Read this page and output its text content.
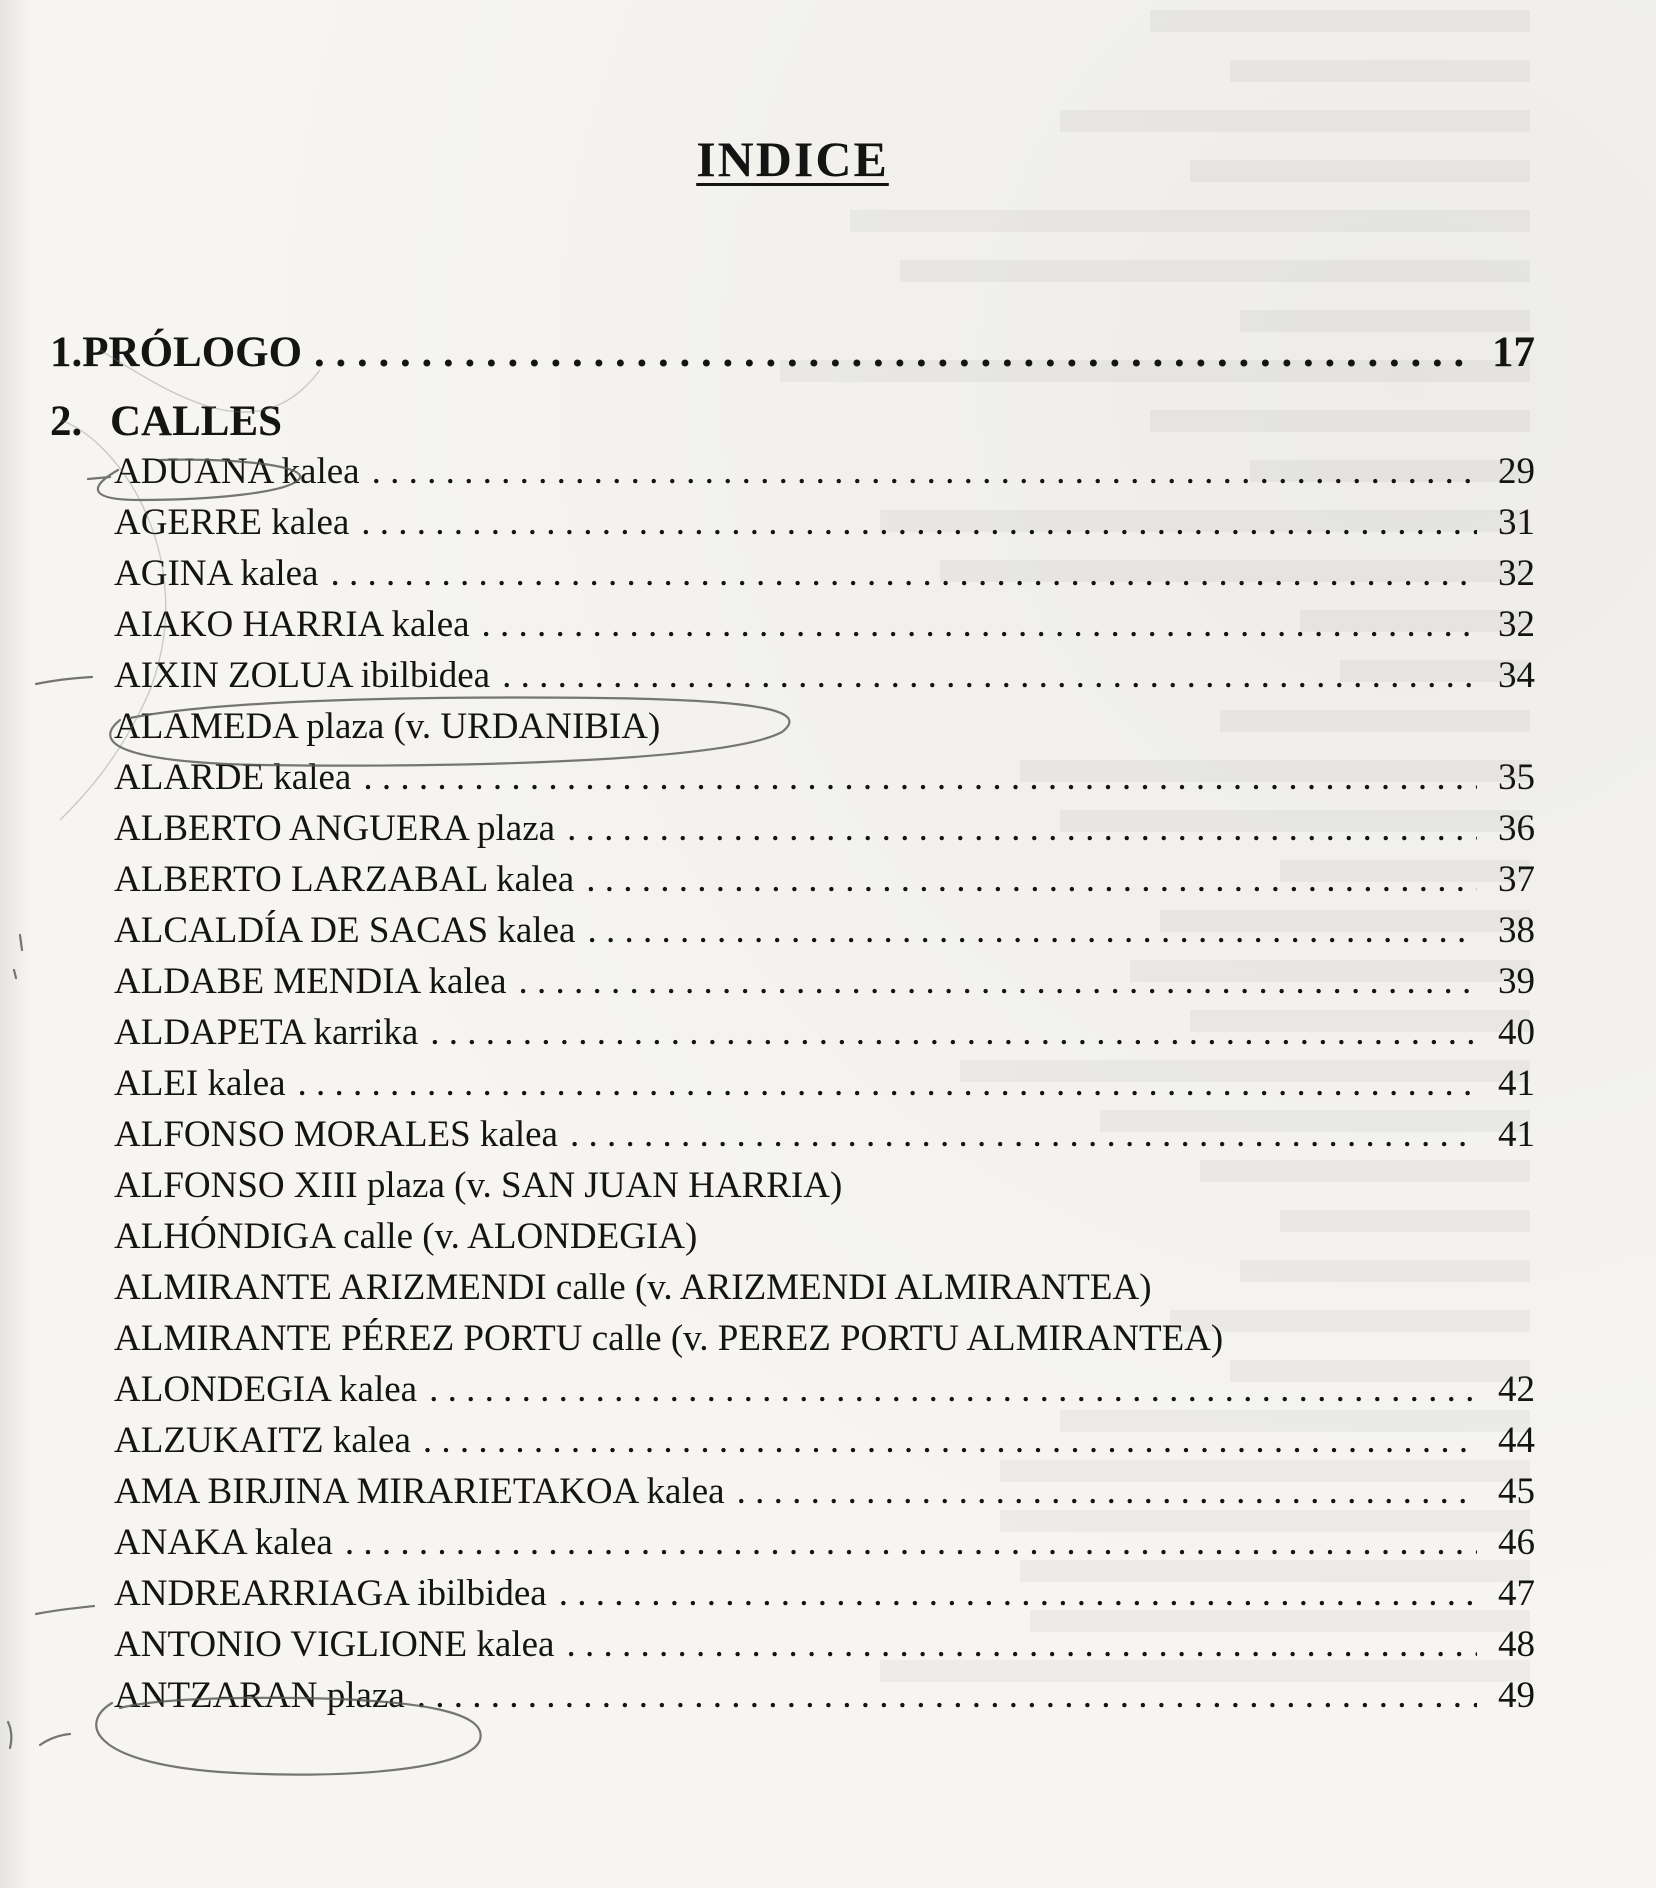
INDICE
1. PRÓLOGO . . .	17
2. CALLES
ADUANA kalea . . .	29
AGERRE kalea . . .	31
AGINA kalea . . .	32
AIAKO HARRIA kalea . . .	32
AIXIN ZOLUA ibilbidea . . .	34
ALAMEDA plaza (v. URDANIBIA)
ALARDE kalea . . .	35
ALBERTO ANGUERA plaza . . .	36
ALBERTO LARZABAL kalea . . .	37
ALCALDÍA DE SACAS kalea . . .	38
ALDABE MENDIA kalea . . .	39
ALDAPETA karrika . . .	40
ALEI kalea . . .	41
ALFONSO MORALES kalea . . .	41
ALFONSO XIII plaza (v. SAN JUAN HARRIA)
ALHÓNDIGA calle (v. ALONDEGIA)
ALMIRANTE ARIZMENDI calle (v. ARIZMENDI ALMIRANTEA)
ALMIRANTE PÉREZ PORTU calle (v. PEREZ PORTU ALMIRANTEA)
ALONDEGIA kalea . . .	42
ALZUKAITZ kalea . . .	44
AMA BIRJINA MIRARIETAKOA kalea . . .	45
ANAKA kalea . . .	46
ANDREARRIAGA ibilbidea . . .	47
ANTONIO VIGLIONE kalea . . .	48
ANTZARAN plaza . . .	49
